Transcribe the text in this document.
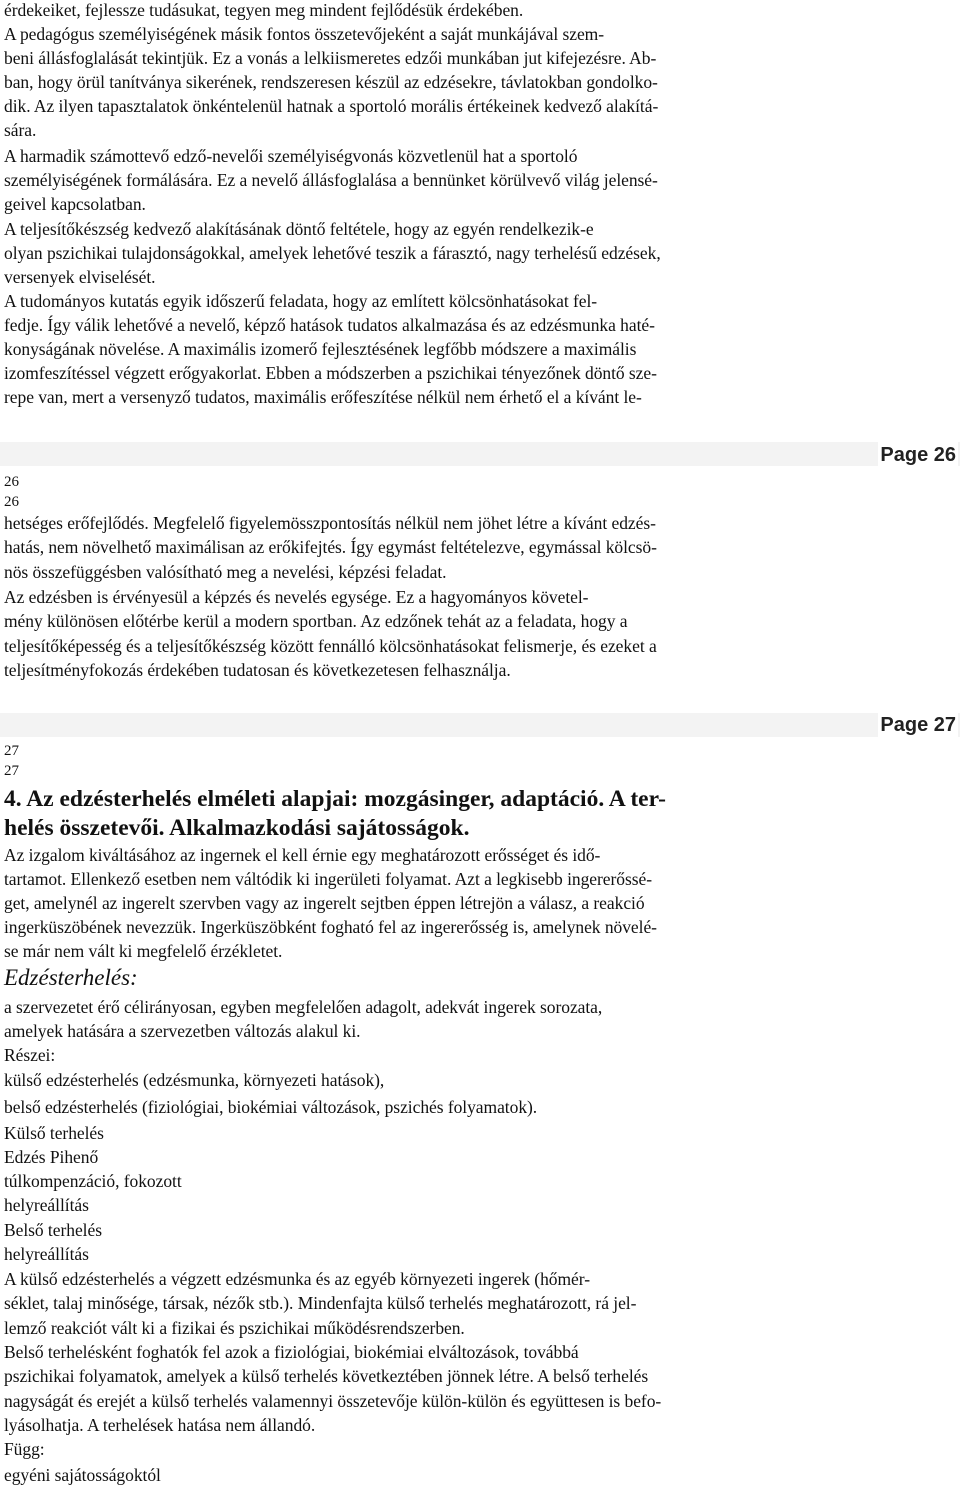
érdekeiket, fejlessze tudásukat, tegyen meg mindent fejlődésük érdekében.
A pedagógus személyiségének másik fontos összetevőjeként a saját munkájával szem-
beni állásfoglalását tekintjük. Ez a vonás a lelkiismeretes edzői munkában jut kifejezésre. Ab-
ban, hogy örül tanítványa sikerének, rendszeresen készül az edzésekre, távlatokban gondolko-
dik. Az ilyen tapasztalatok önkéntelenül hatnak a sportoló morális értékeinek kedvező alakítá-
sára.
A harmadik számottevő edző-nevelői személyiségvonás közvetlenül hat a sportoló
személyiségének formálására. Ez a nevelő állásfoglalása a bennünket körülvevő világ jelensé-
geivel kapcsolatban.
A teljesítőkészség kedvező alakításának döntő feltétele, hogy az egyén rendelkezik-e
olyan pszichikai tulajdonságokkal, amelyek lehetővé teszik a fárasztó, nagy terhelésű edzések,
versenyek elviselését.
A tudományos kutatás egyik időszerű feladata, hogy az említett kölcsönhatásokat fel-
fedje. Így válik lehetővé a nevelő, képző hatások tudatos alkalmazása és az edzésmunka haté-
konyságának növelése. A maximális izomerő fejlesztésének legfőbb módszere a maximális
izomfeszítéssel végzett erőgyakorlat. Ebben a módszerben a pszichikai tényezőnek döntő sze-
repe van, mert a versenyző tudatos, maximális erőfeszítése nélkül nem érhető el a kívánt le-
Page 26
26
26
hetséges erőfejlődés. Megfelelő figyelemösszpontosítás nélkül nem jöhet létre a kívánt edzés-
hatás, nem növelhető maximálisan az erőkifejtés. Így egymást feltételezve, egymással kölcsö-
nös összefüggésben valósítható meg a nevelési, képzési feladat.
Az edzésben is érvényesül a képzés és nevelés egysége. Ez a hagyományos követel-
mény különösen előtérbe kerül a modern sportban. Az edzőnek tehát az a feladata, hogy a
teljesítőképesség és a teljesítőkészség között fennálló kölcsönhatásokat felismerje, és ezeket a
teljesítményfokozás érdekében tudatosan és következetesen felhasználja.
Page 27
27
27
4. Az edzésterhelés elméleti alapjai: mozgásinger, adaptáció. A ter-
helés összetevői. Alkalmazkodási sajátosságok.
Az izgalom kiváltásához az ingernek el kell érnie egy meghatározott erősséget és idő-
tartamot. Ellenkező esetben nem váltódik ki ingerületi folyamat. Azt a legkisebb ingererőssé-
get, amelynél az ingerelt szervben vagy az ingerelt sejtben éppen létrejön a válasz, a reakció
ingerküszöbének nevezzük. Ingerküszöbként fogható fel az ingererősség is, amelynek növelé-
se már nem vált ki megfelelő érzékletet.
Edzésterhelés:
a szervezetet érő célirányosan, egyben megfelelően adagolt, adekvát ingerek sorozata,
amelyek hatására a szervezetben változás alakul ki.
Részei:
külső edzésterhelés (edzésmunka, környezeti hatások),
belső edzésterhelés (fiziológiai, biokémiai változások, pszichés folyamatok).
Külső terhelés
Edzés Pihenő
túlkompenzáció, fokozott
helyreállítás
Belső terhelés
helyreállítás
A külső edzésterhelés a végzett edzésmunka és az egyéb környezeti ingerek (hőmér-
séklet, talaj minősége, társak, nézők stb.). Mindenfajta külső terhelés meghatározott, rá jel-
lemző reakciót vált ki a fizikai és pszichikai működésrendszerben.
Belső terhelésként foghatók fel azok a fiziológiai, biokémiai elváltozások, továbbá
pszichikai folyamatok, amelyek a külső terhelés következtében jönnek létre. A belső terhelés
nagyságát és erejét a külső terhelés valamennyi összetevője külön-külön és együttesen is befo-
lyásolhatja. A terhelések hatása nem állandó.
Függ:
egyéni sajátosságoktól
